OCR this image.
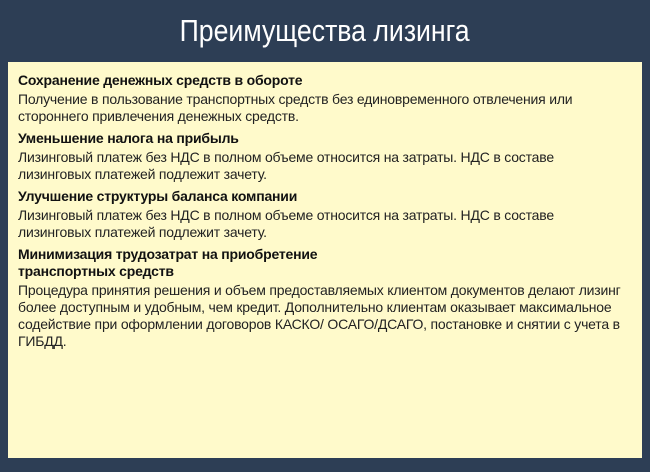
Преимущества лизинга

Сохранение денежных средств в обороте

Получение в пользование транспортных средств без единовременного отвлечения или стороннего привлечения денежных средств.

Уменьшение налога на прибыль

Лизинговый платеж без НДС в полном объеме относится на затраты. НДС в составе лизинговых платежей подлежит зачету.

Улучшение структуры баланса компании

Лизинговый платеж без НДС в полном объеме относится на затраты. НДС в составе лизинговых платежей подлежит зачету.

Минимизация трудозатрат на приобретение транспортных средств

Процедура принятия решения и объем предоставляемых клиентом документов делают лизинг более доступным и удобным, чем кредит. Дополнительно клиентам оказывает максимальное содействие при оформлении договоров КАСКО/ ОСАГО/ДСАГО, постановке и снятии с учета в ГИБДД.
